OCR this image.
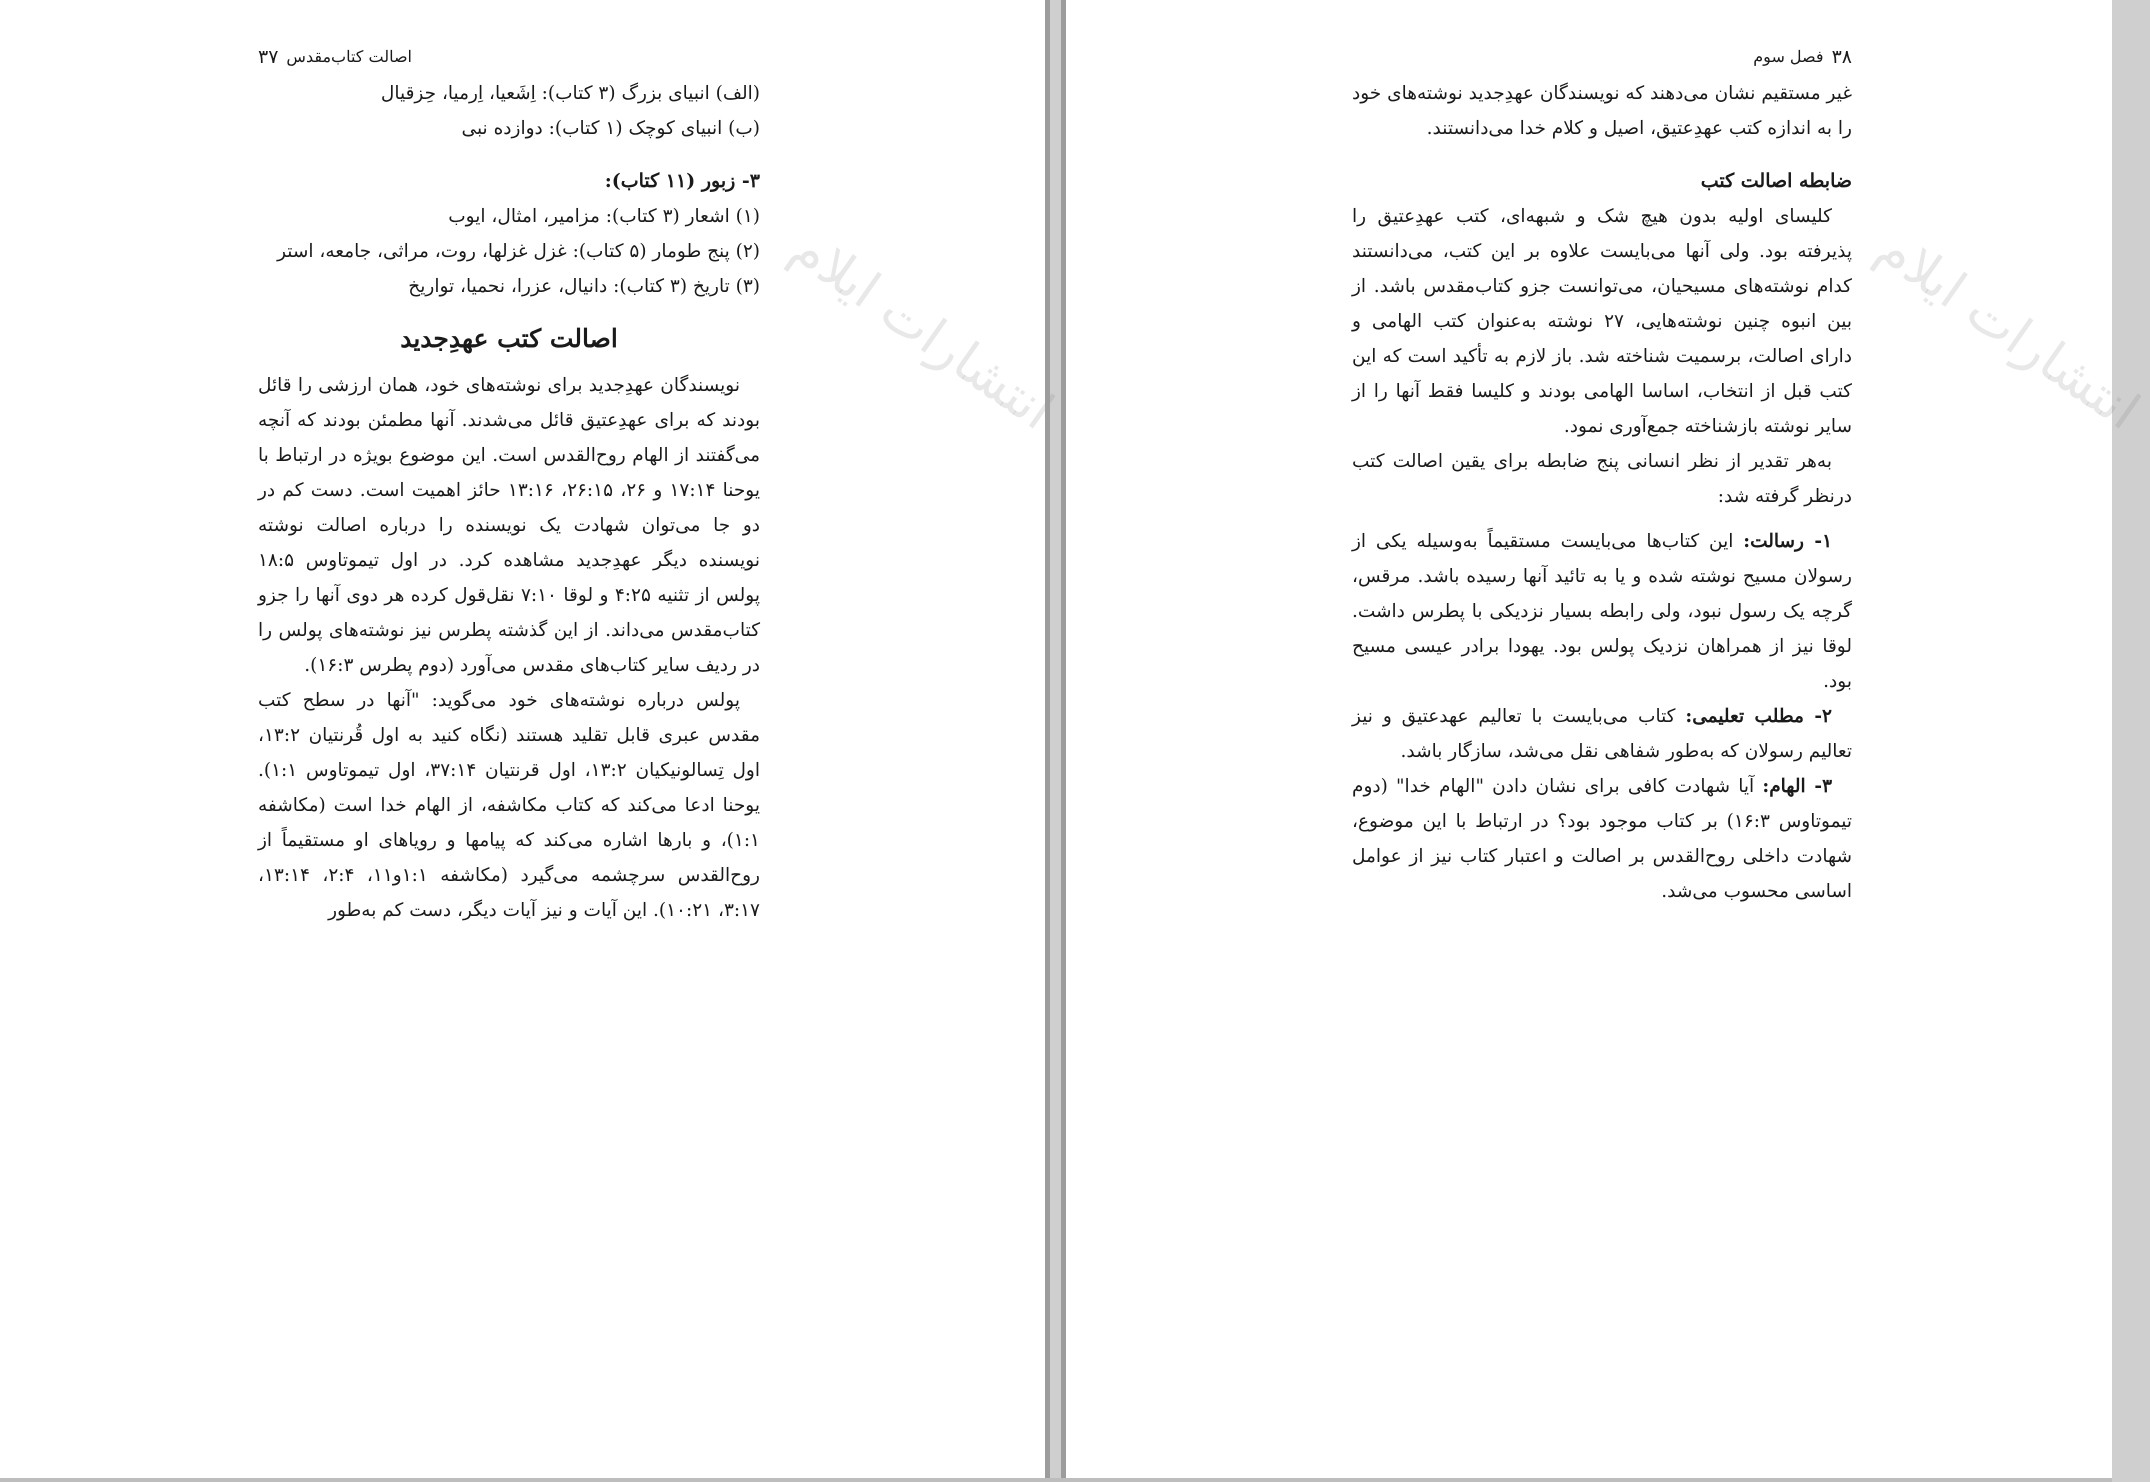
انتشارات ایلام
اصالت کتاب‌مقدس
۳۷

(الف) انبیای بزرگ (۳ کتاب): اِشَعیا، اِرمیا، حِزقیال

(ب) انبیای کوچک (۱ کتاب): دوازده نبی

۳- زبور (۱۱ کتاب):

(۱) اشعار (۳ کتاب): مزامیر، امثال، ایوب

(۲) پنج طومار (۵ کتاب): غزل غزلها، روت، مراثی، جامعه، استر

(۳) تاریخ (۳ کتاب): دانیال، عزرا، نحمیا، تواریخ

اصالت کتب عهدِجدید

نویسندگان عهدِجدید برای نوشته‌های خود، همان ارزشی را قائل بودند که برای عهدِعتیق قائل می‌شدند. آنها مطمئن بودند که آنچه می‌گفتند از الهام روح‌القدس است. این موضوع بویژه در ارتباط با یوحنا ۱۷:۱۴ و ۲۶، ۲۶:۱۵، ۱۳:۱۶ حائز اهمیت است. دست کم در دو جا می‌توان شهادت یک نویسنده را درباره اصالت نوشته نویسنده دیگر عهدِجدید مشاهده کرد. در اول تیموتاوس ۱۸:۵ پولس از تثنیه ۴:۲۵ و لوقا ۷:۱۰ نقل‌قول کرده هر دوی آنها را جزو کتاب‌مقدس می‌داند. از این گذشته پطرس نیز نوشته‌های پولس را در ردیف سایر کتاب‌های مقدس می‌آورد (دوم پطرس ۱۶:۳).

پولس درباره نوشته‌های خود می‌گوید: "آنها در سطح کتب مقدس عبری قابل تقلید هستند (نگاه کنید به اول قُرنتیان ۱۳:۲، اول تِسالونیکیان ۱۳:۲، اول قرنتیان ۳۷:۱۴، اول تیموتاوس ۱:۱). یوحنا ادعا می‌کند که کتاب مکاشفه، از الهام خدا است (مکاشفه ۱:۱)، و بارها اشاره می‌کند که پیامها و رویاهای او مستقیماً از روح‌القدس سرچشمه می‌گیرد (مکاشفه ۱:۱و۱۱، ۲:۴، ۱۳:۱۴، ۳:۱۷، ۱۰:۲۱). این آیات و نیز آیات دیگر، دست کم به‌طور

انتشارات ایلام
۳۸
فصل سوم

غیر مستقیم نشان می‌دهند که نویسندگان عهدِجدید نوشته‌های خود را به اندازه کتب عهدِعتیق، اصیل و کلام خدا می‌دانستند.

ضابطه اصالت کتب

کلیسای اولیه بدون هیچ شک و شبهه‌ای، کتب عهدِعتیق را پذیرفته بود. ولی آنها می‌بایست علاوه بر این کتب، می‌دانستند کدام نوشته‌های مسیحیان، می‌توانست جزو کتاب‌مقدس باشد. از بین انبوه چنین نوشته‌هایی، ۲۷ نوشته به‌عنوان کتب الهامی و دارای اصالت، برسمیت شناخته شد. باز لازم به تأکید است که این کتب قبل از انتخاب، اساسا الهامی بودند و کلیسا فقط آنها را از سایر نوشته بازشناخته جمع‌آوری نمود.

به‌هر تقدیر از نظر انسانی پنج ضابطه برای یقین اصالت کتب درنظر گرفته شد:

۱- رسالت: این کتاب‌ها می‌بایست مستقیماً به‌وسیله یکی از رسولان مسیح نوشته شده و یا به تائید آنها رسیده باشد. مرقس، گرچه یک رسول نبود، ولی رابطه بسیار نزدیکی با پطرس داشت. لوقا نیز از همراهان نزدیک پولس بود. یهودا برادر عیسی مسیح بود.

۲- مطلب تعلیمی: کتاب می‌بایست با تعالیم عهدعتیق و نیز تعالیم رسولان که به‌طور شفاهی نقل می‌شد، سازگار باشد.

۳- الهام: آیا شهادت کافی برای نشان دادن "الهام خدا" (دوم تیموتاوس ۱۶:۳) بر کتاب موجود بود؟ در ارتباط با این موضوع، شهادت داخلی روح‌القدس بر اصالت و اعتبار کتاب نیز از عوامل اساسی محسوب می‌شد.
